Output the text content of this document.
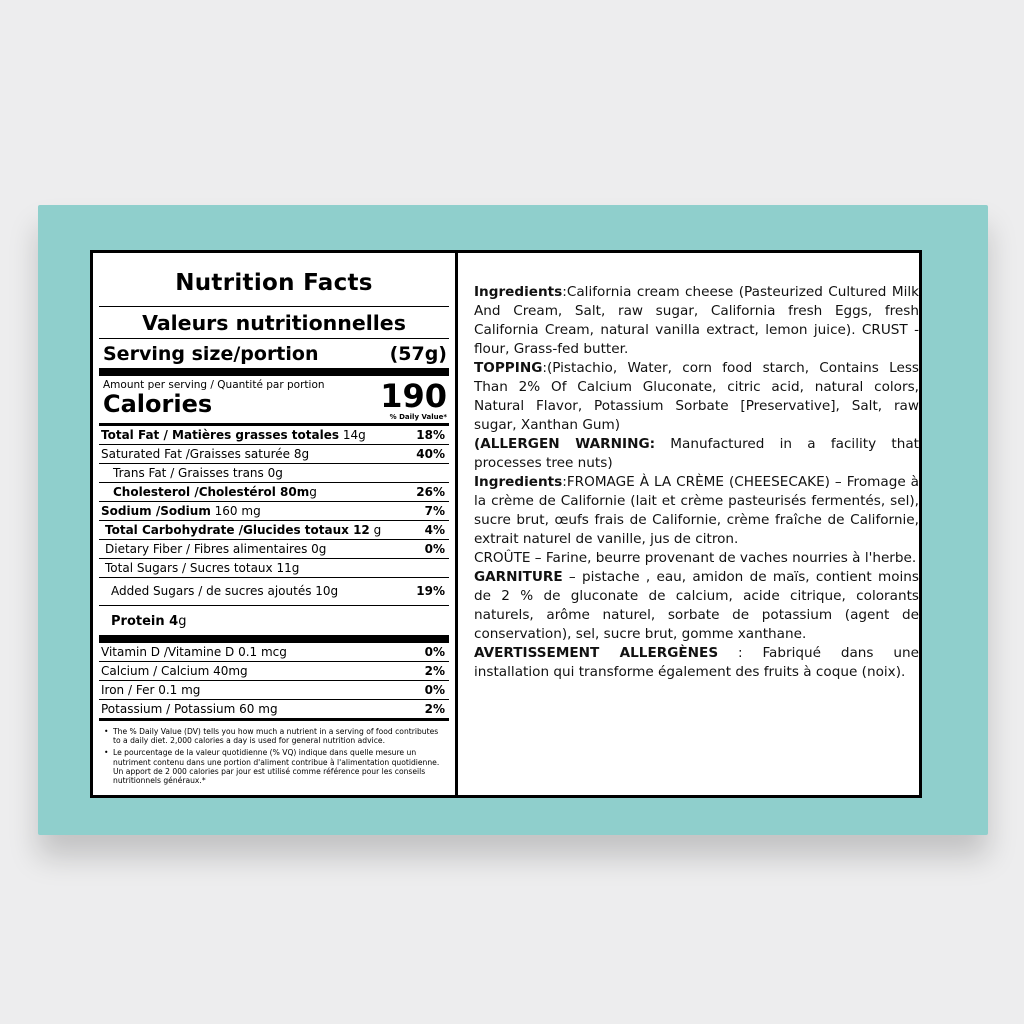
Nutrition Facts
Valeurs nutritionnelles
Serving size/portion	(57g)
Amount per serving / Quantité par portion
Calories	190
% Daily Value*
Total Fat / Matières grasses totales 14g	18%
Saturated Fat /Graisses saturée 8g	40%
Trans Fat / Graisses trans 0g
Cholesterol /Cholestérol 80mg	26%
Sodium /Sodium 160 mg	7%
Total Carbohydrate /Glucides totaux 12 g	4%
Dietary Fiber / Fibres alimentaires 0g	0%
Total Sugars / Sucres totaux 11g
Added Sugars / de sucres ajoutés 10g	19%
Protein 4g
Vitamin D /Vitamine D 0.1 mcg	0%
Calcium / Calcium 40mg	2%
Iron / Fer 0.1 mg	0%
Potassium / Potassium 60 mg	2%
• The % Daily Value (DV) tells you how much a nutrient in a serving of food contributes to a daily diet. 2,000 calories a day is used for general nutrition advice.
• Le pourcentage de la valeur quotidienne (% VQ) indique dans quelle mesure un nutriment contenu dans une portion d'aliment contribue à l'alimentation quotidienne. Un apport de 2 000 calories par jour est utilisé comme référence pour les conseils nutritionnels généraux.*

Ingredients:California cream cheese (Pasteurized Cultured Milk And Cream, Salt, raw sugar, California fresh Eggs, fresh California Cream, natural vanilla extract, lemon juice). CRUST - flour, Grass-fed butter.

TOPPING:(Pistachio, Water, corn food starch, Contains Less Than 2% Of Calcium Gluconate, citric acid, natural colors, Natural Flavor, Potassium Sorbate [Preservative], Salt, raw sugar, Xanthan Gum)

(ALLERGEN WARNING: Manufactured in a facility that processes tree nuts)

Ingredients:FROMAGE À LA CRÈME (CHEESECAKE) – Fromage à la crème de Californie (lait et crème pasteurisés fermentés, sel), sucre brut, œufs frais de Californie, crème fraîche de Californie, extrait naturel de vanille, jus de citron.

CROÛTE – Farine, beurre provenant de vaches nourries à l'herbe.

GARNITURE – pistache , eau, amidon de maïs, contient moins de 2 % de gluconate de calcium, acide citrique, colorants naturels, arôme naturel, sorbate de potassium (agent de conservation), sel, sucre brut, gomme xanthane.

AVERTISSEMENT ALLERGÈNES : Fabriqué dans une installation qui transforme également des fruits à coque (noix).
